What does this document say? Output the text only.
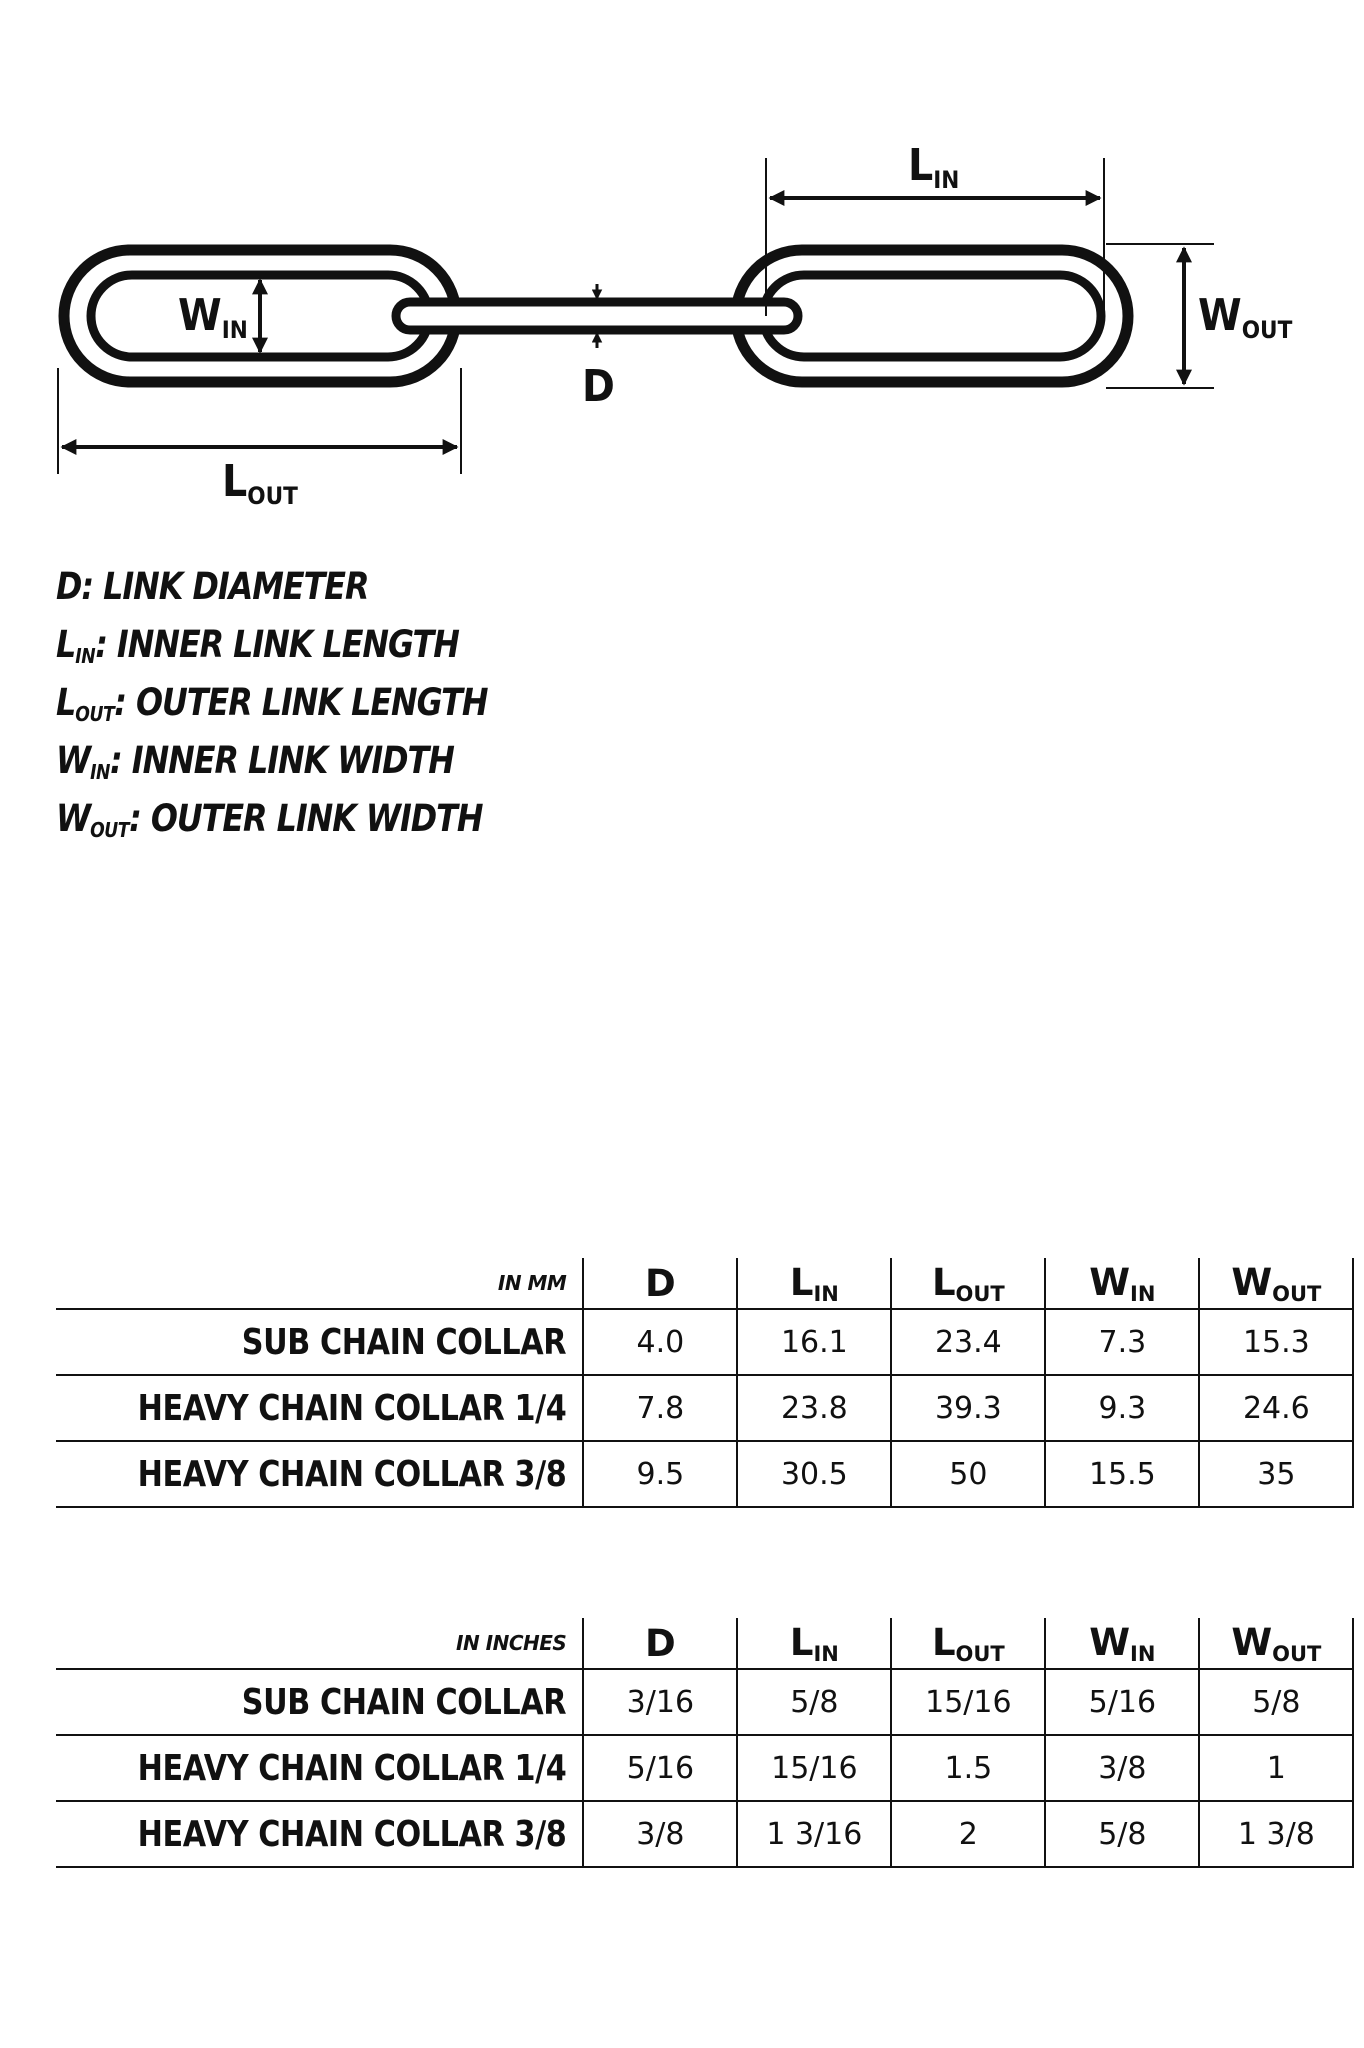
WIN
LOUT
D
LIN
WOUT
D: LINK DIAMETER
$L_{IN}$: INNER LINK LENGTH
$L_{OUT}$: OUTER LINK LENGTH
$W_{IN}$: INNER LINK WIDTH
$W_{OUT}$: OUTER LINK WIDTH
IN MM	D	$L_{IN}$	$L_{OUT}$	$W_{IN}$	$W_{OUT}$
SUB CHAIN COLLAR	4.0	16.1	23.4	7.3	15.3
HEAVY CHAIN COLLAR 1/4	7.8	23.8	39.3	9.3	24.6
HEAVY CHAIN COLLAR 3/8	9.5	30.5	50	15.5	35
IN INCHES	D	$L_{IN}$	$L_{OUT}$	$W_{IN}$	$W_{OUT}$
SUB CHAIN COLLAR	3/16	5/8	15/16	5/16	5/8
HEAVY CHAIN COLLAR 1/4	5/16	15/16	1.5	3/8	1
HEAVY CHAIN COLLAR 3/8	3/8	1 3/16	2	5/8	1 3/8
